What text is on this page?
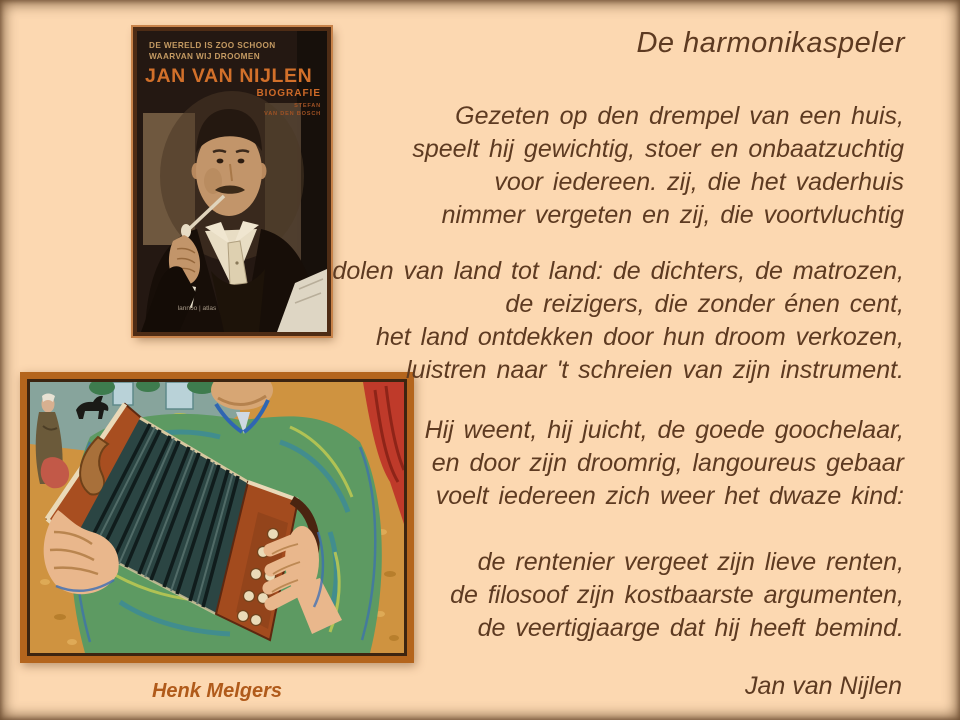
DE WERELD IS ZOO SCHOON
WAARVAN WIJ DROOMEN
JAN VAN NIJLEN
BIOGRAFIE
STEFAN
VAN DEN BOSCH
lannoo | atlas
Henk Melgers
De harmonikaspeler
Gezeten op den drempel van een huis,
speelt hij gewichtig, stoer en onbaatzuchtig
voor iedereen. zij, die het vaderhuis
nimmer vergeten en zij, die voortvluchtig
dolen van land tot land: de dichters, de matrozen,
de reizigers, die zonder énen cent,
het land ontdekken door hun droom verkozen,
luistren naar 't schreien van zijn instrument.
Hij weent, hij juicht, de goede goochelaar,
en door zijn droomrig, langoureus gebaar
voelt iedereen zich weer het dwaze kind:
de rentenier vergeet zijn lieve renten,
de filosoof zijn kostbaarste argumenten,
de veertigjaarge dat hij heeft bemind.
Jan van Nijlen
